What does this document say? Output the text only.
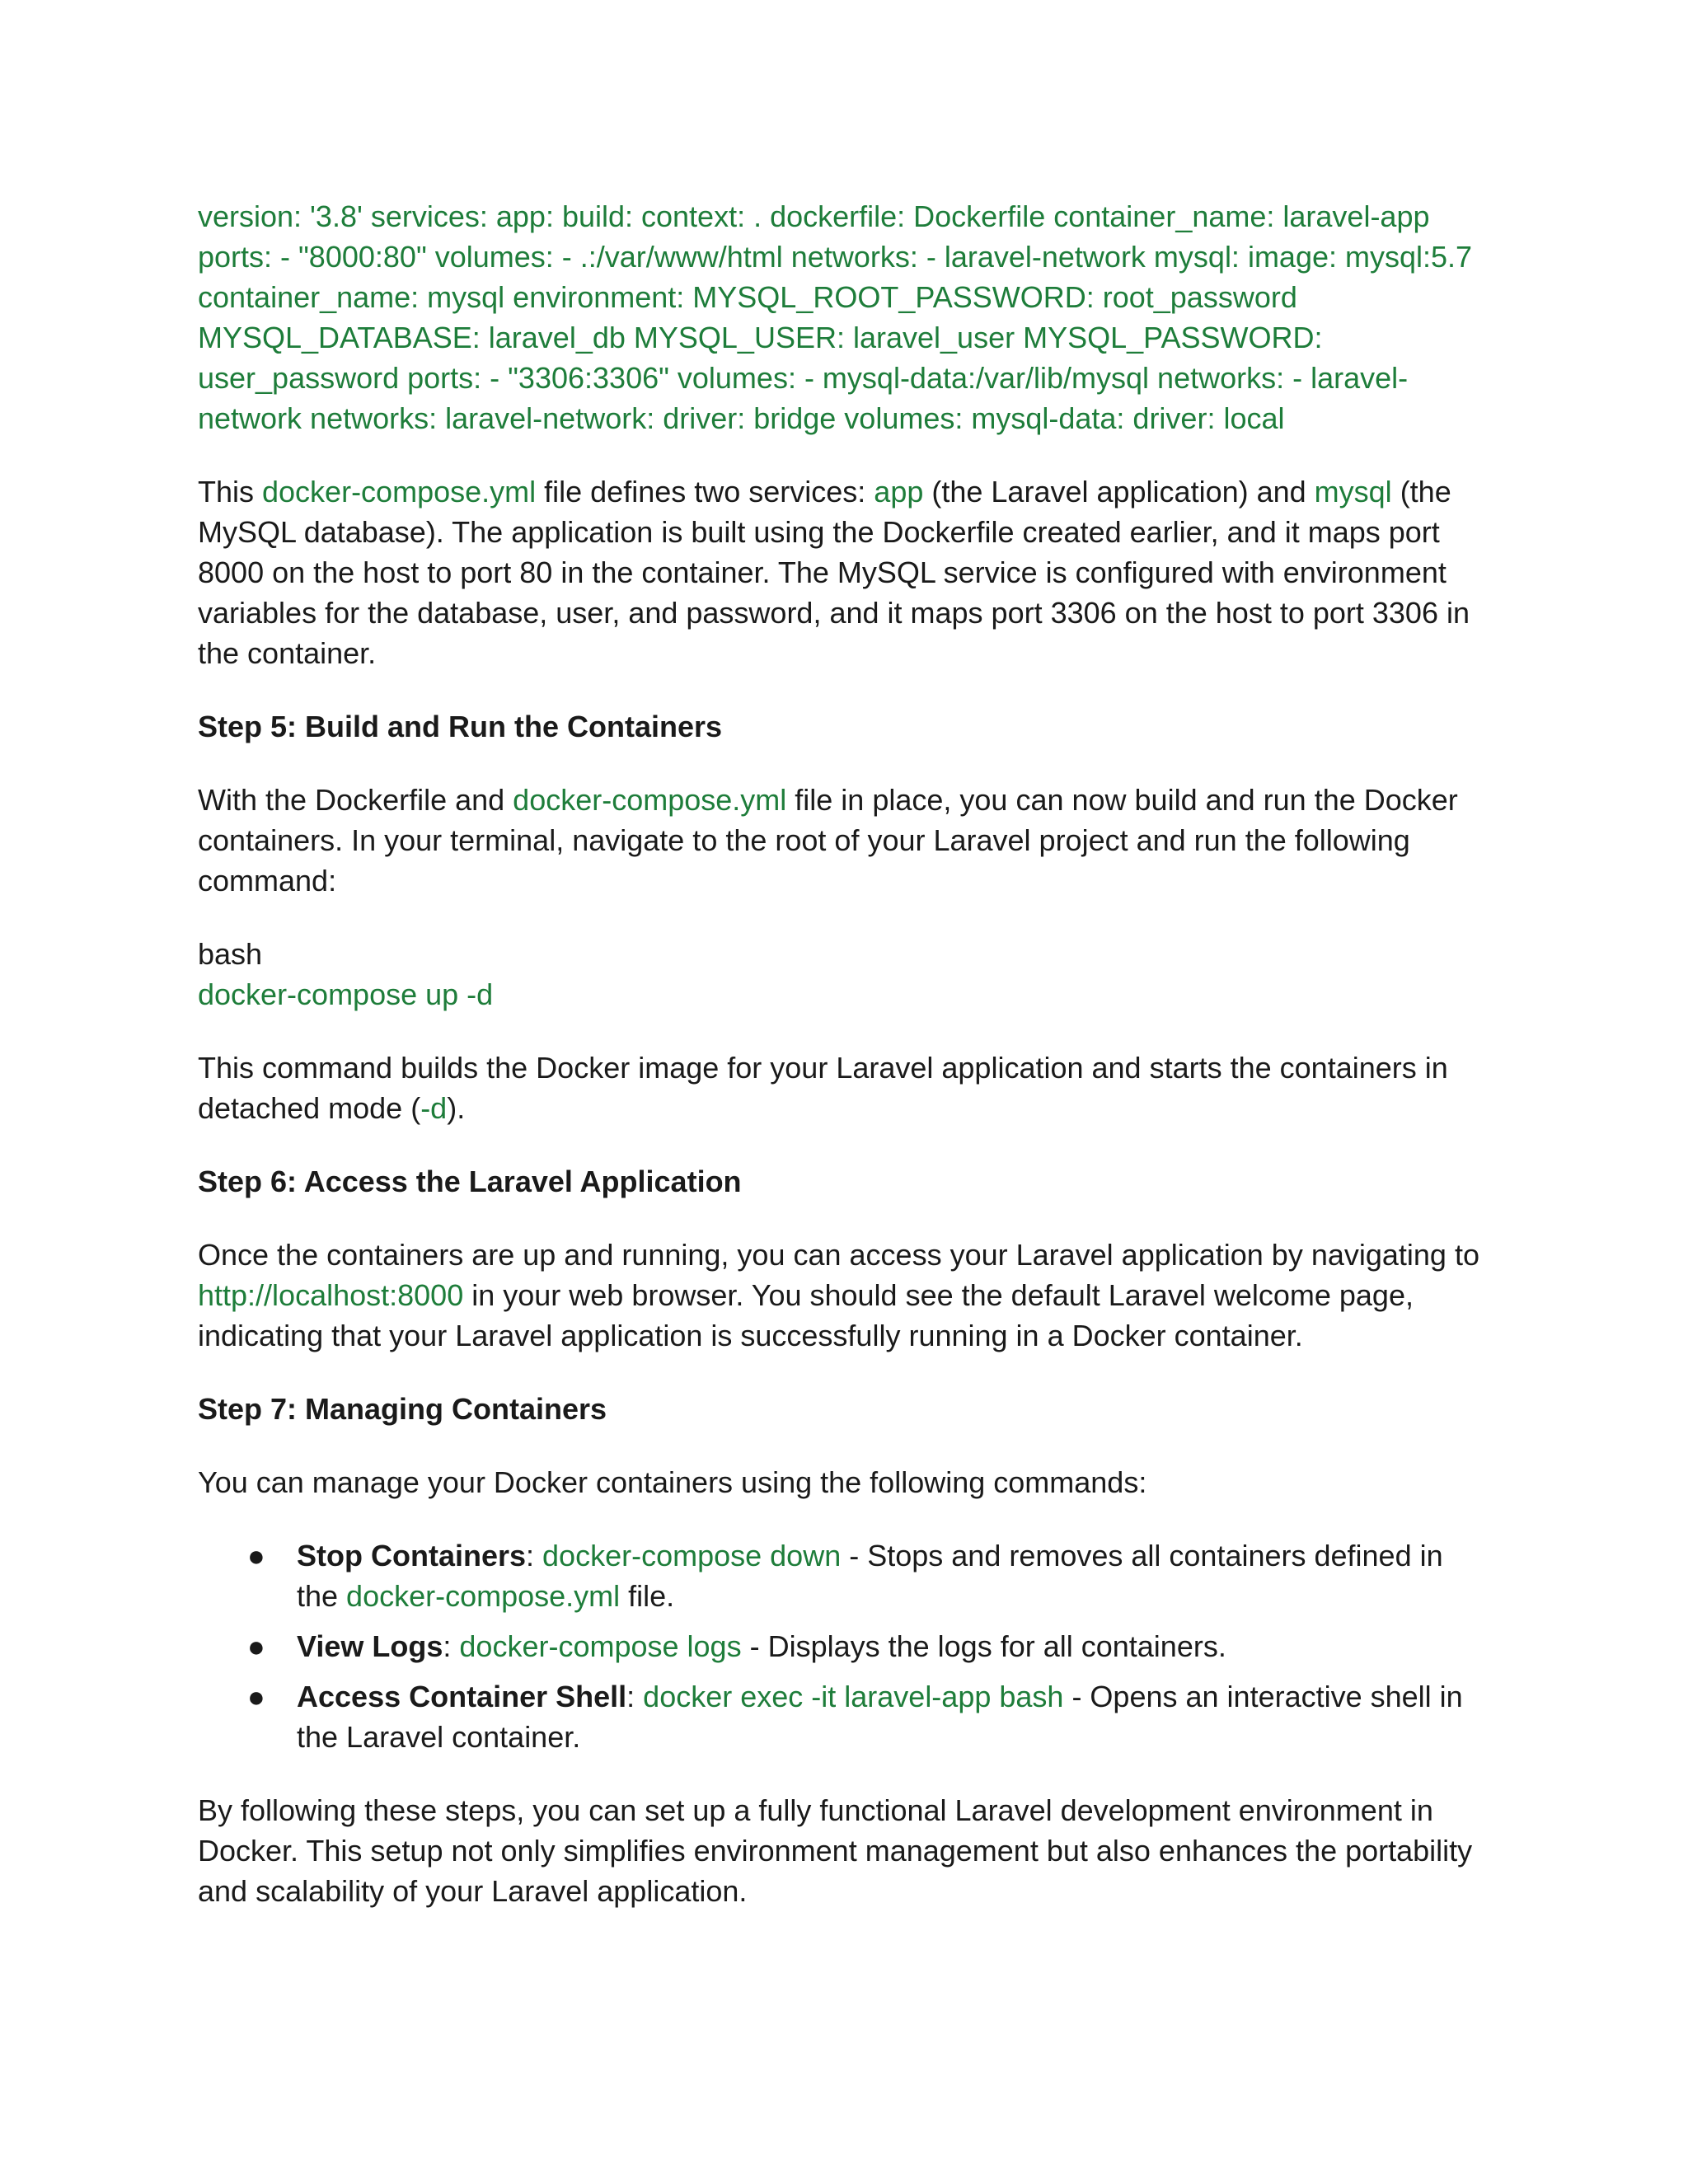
version: '3.8' services: app: build: context: . dockerfile: Dockerfile container_name: laravel-app ports: - "8000:80" volumes: - .:/var/www/html networks: - laravel-network mysql: image: mysql:5.7 container_name: mysql environment: MYSQL_ROOT_PASSWORD: root_password MYSQL_DATABASE: laravel_db MYSQL_USER: laravel_user MYSQL_PASSWORD: user_password ports: - "3306:3306" volumes: - mysql-data:/var/lib/mysql networks: - laravel-network networks: laravel-network: driver: bridge volumes: mysql-data: driver: local

This docker-compose.yml file defines two services: app (the Laravel application) and mysql (the MySQL database). The application is built using the Dockerfile created earlier, and it maps port 8000 on the host to port 80 in the container. The MySQL service is configured with environment variables for the database, user, and password, and it maps port 3306 on the host to port 3306 in the container.

Step 5: Build and Run the Containers

With the Dockerfile and docker-compose.yml file in place, you can now build and run the Docker containers. In your terminal, navigate to the root of your Laravel project and run the following command:

bash

docker-compose up -d

This command builds the Docker image for your Laravel application and starts the containers in detached mode (-d).

Step 6: Access the Laravel Application

Once the containers are up and running, you can access your Laravel application by navigating to http://localhost:8000 in your web browser. You should see the default Laravel welcome page, indicating that your Laravel application is successfully running in a Docker container.

Step 7: Managing Containers

You can manage your Docker containers using the following commands:

● Stop Containers: docker-compose down - Stops and removes all containers defined in the docker-compose.yml file.
● View Logs: docker-compose logs - Displays the logs for all containers.
● Access Container Shell: docker exec -it laravel-app bash - Opens an interactive shell in the Laravel container.

By following these steps, you can set up a fully functional Laravel development environment in Docker. This setup not only simplifies environment management but also enhances the portability and scalability of your Laravel application.
